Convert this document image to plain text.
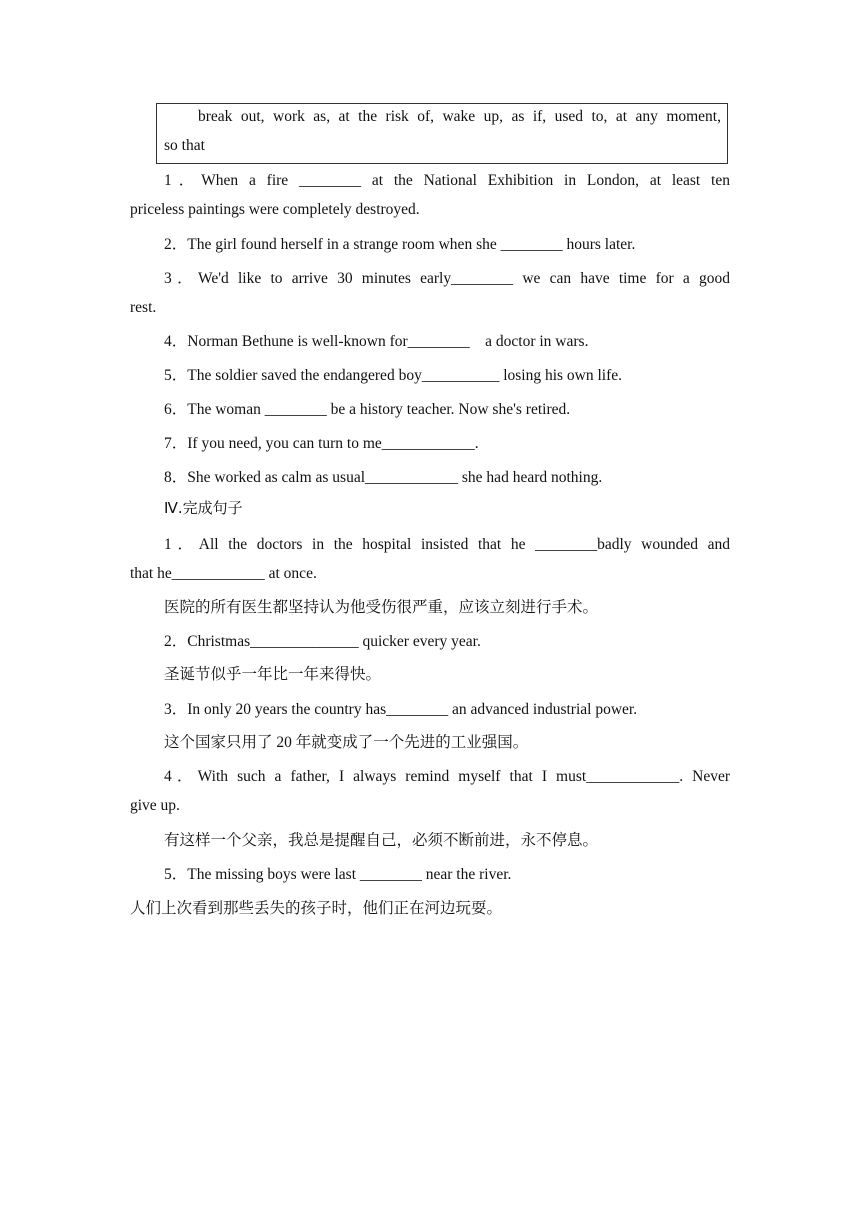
break out, work as, at the risk of, wake up, as if, used to, at any moment,
so that
1．When a fire ________ at the National Exhibition in London, at least ten
priceless paintings were completely destroyed.
2．The girl found herself in a strange room when she ________ hours later.
3．We'd like to arrive 30 minutes early________ we can have time for a good
rest.
4．Norman Bethune is well-known for________    a doctor in wars.
5．The soldier saved the endangered boy__________ losing his own life.
6．The woman ________ be a history teacher. Now she's retired.
7．If you need, you can turn to me____________.
8．She worked as calm as usual____________ she had heard nothing.
Ⅳ.完成句子
1．All the doctors in the hospital insisted that he ________badly wounded and
that he____________ at once.
医院的所有医生都坚持认为他受伤很严重，应该立刻进行手术。
2．Christmas______________ quicker every year.
圣诞节似乎一年比一年来得快。
3．In only 20 years the country has________ an advanced industrial power.
这个国家只用了 20 年就变成了一个先进的工业强国。
4．With such a father, I always remind myself that I must____________. Never
give up.
有这样一个父亲，我总是提醒自己，必须不断前进，永不停息。
5．The missing boys were last ________ near the river.
人们上次看到那些丢失的孩子时，他们正在河边玩耍。
